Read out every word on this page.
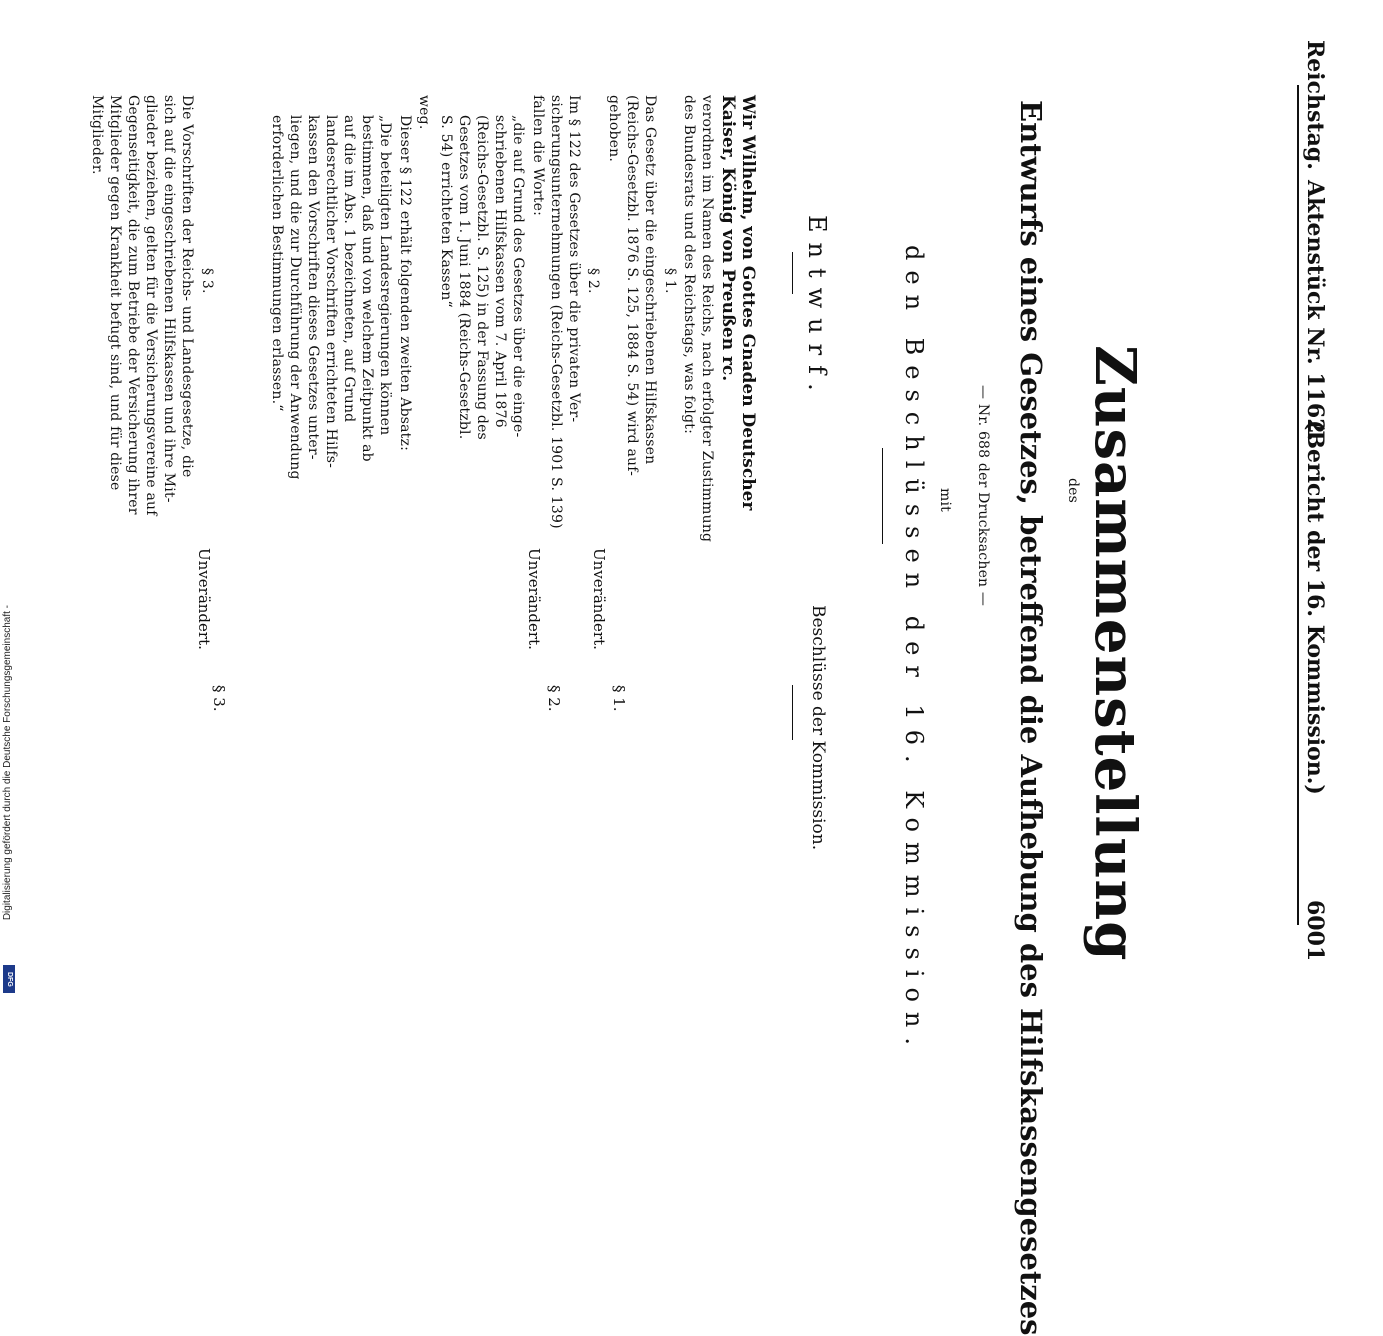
Reichstag.
Aktenstück Nr. 1162.
(Bericht der 16. Kommission.)
6001
Zusammenstellung
des
Entwurfs eines Gesetzes, betreffend die Aufhebung des Hilfskassengesetzes
— Nr. 688 der Drucksachen —
mit
den Beschlüssen der 16. Kommission.
Entwurf.
Beschlüsse der Kommission.
Wir Wilhelm, von Gottes Gnaden Deutscher
Kaiser, König von Preußen rc.
verordnen im Namen des Reichs, nach erfolgter Zustimmung
des Bundesrats und des Reichstags, was folgt:
§ 1.
Das Gesetz über die eingeschriebenen Hilfskassen
(Reichs-Gesetzbl. 1876 S. 125, 1884 S. 54) wird auf-
gehoben.
§ 2.
Im § 122 des Gesetzes über die privaten Ver-
sicherungsunternehmungen (Reichs-Gesetzbl. 1901 S. 139)
fallen die Worte:
„die auf Grund des Gesetzes über die einge-
schriebenen Hilfskassen vom 7. April 1876
(Reichs-Gesetzbl. S. 125) in der Fassung des
Gesetzes vom 1. Juni 1884 (Reichs-Gesetzbl.
S. 54) errichteten Kassen“
weg.
Dieser § 122 erhält folgenden zweiten Absatz:
„Die beteiligten Landesregierungen können
bestimmen, daß und von welchem Zeitpunkt ab
auf die im Abs. 1 bezeichneten, auf Grund
landesrechtlicher Vorschriften errichteten Hilfs-
kassen den Vorschriften dieses Gesetzes unter-
liegen, und die zur Durchführung der Anwendung
erforderlichen Bestimmungen erlassen.“
§ 3.
Die Vorschriften der Reichs- und Landesgesetze, die
sich auf die eingeschriebenen Hilfskassen und ihre Mit-
glieder beziehen, gelten für die Versicherungsvereine auf
Gegenseitigkeit, die zum Betriebe der Versicherung ihrer
Mitglieder gegen Krankheit befugt sind, und für diese
Mitglieder.
§ 1.
Unverändert.
§ 2.
Unverändert.
§ 3.
Unverändert.
Digitalisierung gefördert durch die Deutsche Forschungsgemeinschaft -
DFG
